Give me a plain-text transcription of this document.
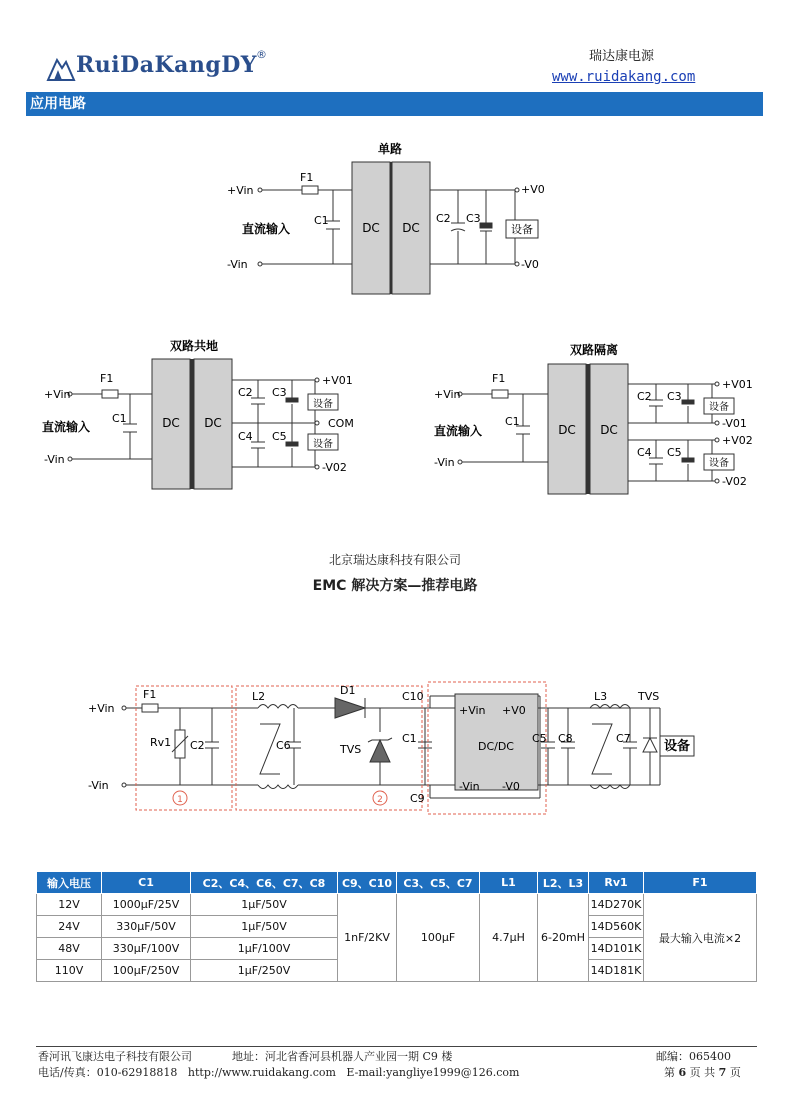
RuiDaKangDY
®	瑞达康电源
www.ruidakang.com
应用电路
单路
+Vin
-Vin
直流输入
F1
C1
DC DC
C2 C3
设备
+V0
-V0
双路共地
+Vin
-Vin
直流输入
F1
C1	DC DC
C2 C3
C4 C5
设备
设备
+V01
COM
-V02
双路隔离
+Vin
-Vin
直流输入
F1
C1
DC DC
C2 C3
C4 C5
设备
设备
+V01
-V01
+V02
-V02
北京瑞达康科技有限公司
EMC 解决方案—推荐电路
+Vin
-Vin
F1
Rv1 C2
L2
C6
D1
TVS
C10
C1
C9
+Vin +V0
DC/DC
-Vin -V0
C5 C8
L3
C7
TVS
设备
1	2
输入电压	C1	C2、C4、C6、C7、C8	C9、C10	C3、C5、C7	L1	L2、L3	Rv1	F1
12V	1000μF/25V	1μF/50V	1nF/2KV	100μF	4.7μH	6-20mH	14D270K	最大输入电流×2
24V	330μF/50V	1μF/50V					14D560K	
48V	330μF/100V	1μF/100V					14D101K	
110V	100μF/250V	1μF/250V					14D181K	
香河讯飞康达电子科技有限公司	地址：河北省香河县机器人产业园一期 C9 楼	邮编：065400
电话/传真：010-62918818   http://www.ruidakang.com   E-mail:yangliye1999@126.com	第 6 页 共 7 页
